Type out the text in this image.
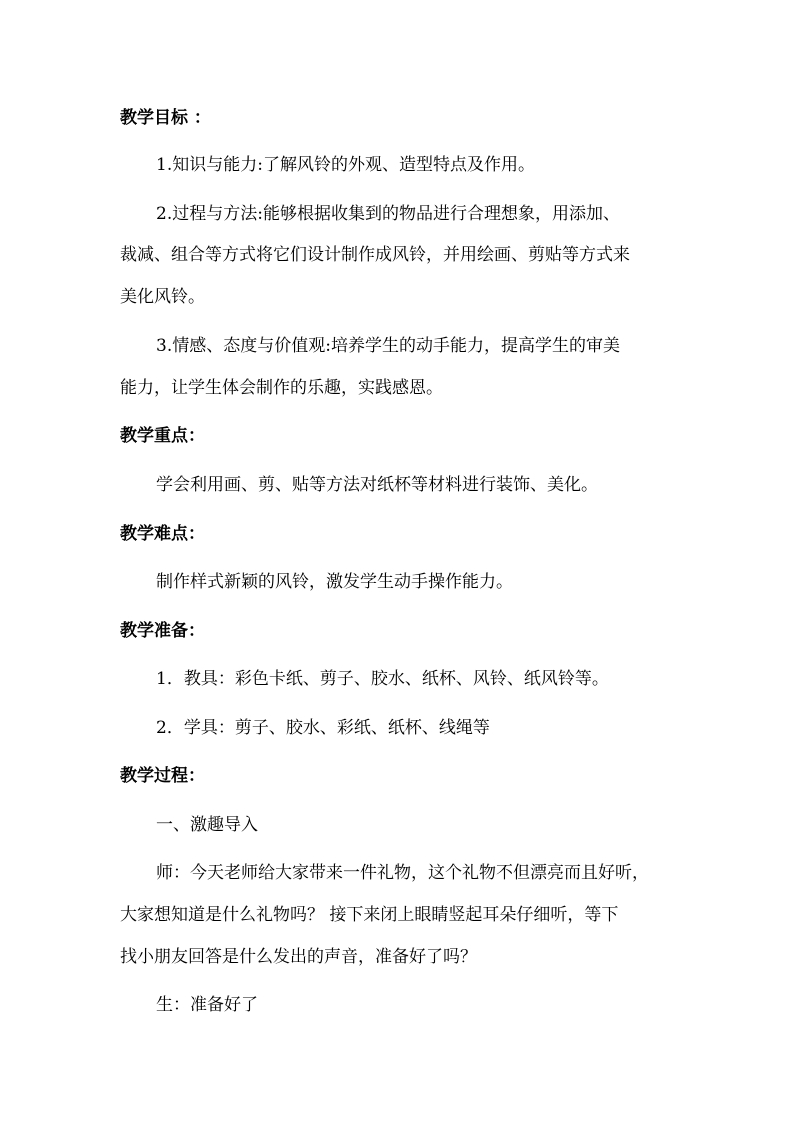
教学目标 ：
1.知识与能力:了解风铃的外观、造型特点及作用。
2.过程与方法:能够根据收集到的物品进行合理想象，用添加、
裁减、组合等方式将它们设计制作成风铃，并用绘画、剪贴等方式来
美化风铃。
3.情感、态度与价值观:培养学生的动手能力，提高学生的审美
能力，让学生体会制作的乐趣，实践感恩。
教学重点：
学会利用画、剪、贴等方法对纸杯等材料进行装饰、美化。
教学难点：
制作样式新颖的风铃，激发学生动手操作能力。
教学准备：
1．教具：彩色卡纸、剪子、胶水、纸杯、风铃、纸风铃等。
2．学具：剪子、胶水、彩纸、纸杯、线绳等
教学过程：
一、激趣导入
师：今天老师给大家带来一件礼物，这个礼物不但漂亮而且好听，
大家想知道是什么礼物吗？ 接下来闭上眼睛竖起耳朵仔细听，等下
找小朋友回答是什么发出的声音，准备好了吗？
生：准备好了
